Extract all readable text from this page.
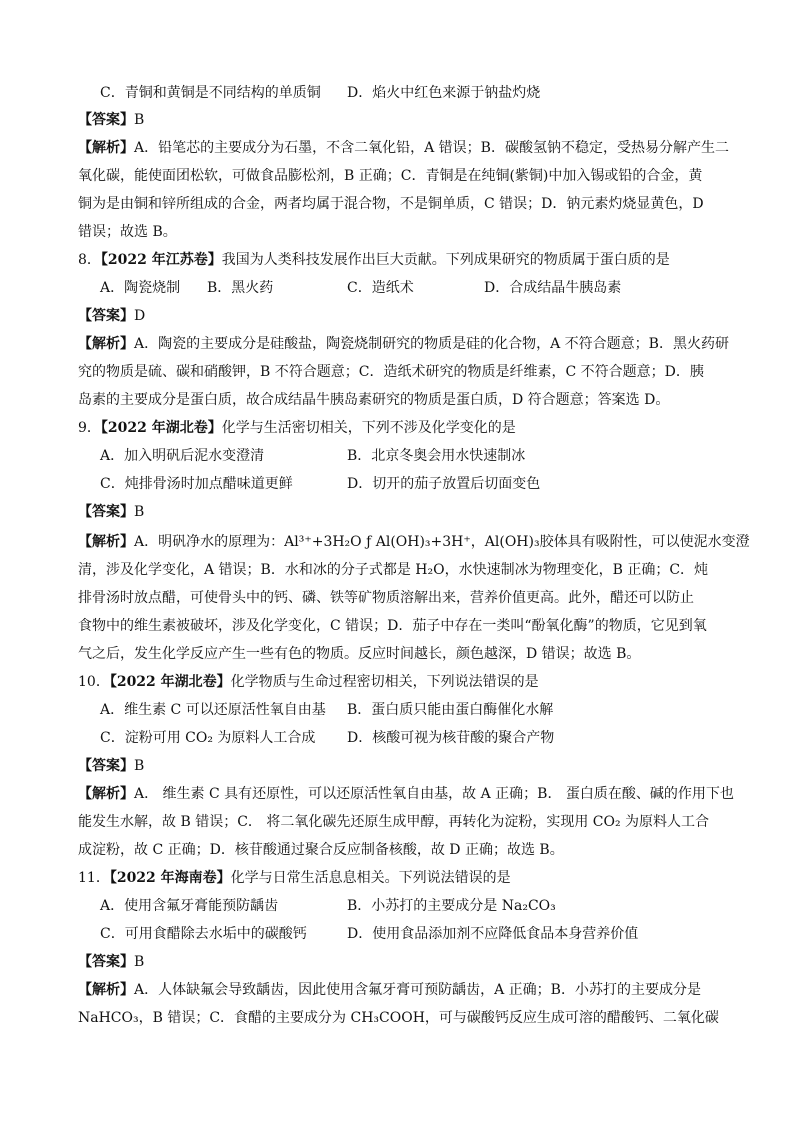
C．青铜和黄铜是不同结构的单质铜 D．焰火中红色来源于钠盐灼烧
【答案】B
【解析】A．铅笔芯的主要成分为石墨，不含二氧化铅，A 错误；B．碳酸氢钠不稳定，受热易分解产生二
氧化碳，能使面团松软，可做食品膨松剂，B 正确；C．青铜是在纯铜(紫铜)中加入锡或铅的合金，黄
铜为是由铜和锌所组成的合金，两者均属于混合物，不是铜单质，C 错误；D．钠元素灼烧显黄色，D
错误；故选 B。
8．【2022 年江苏卷】我国为人类科技发展作出巨大贡献。下列成果研究的物质属于蛋白质的是
A．陶瓷烧制 B．黑火药	C．造纸术	D．合成结晶牛胰岛素
【答案】D
【解析】A．陶瓷的主要成分是硅酸盐，陶瓷烧制研究的物质是硅的化合物，A 不符合题意；B．黑火药研
究的物质是硫、碳和硝酸钾，B 不符合题意；C．造纸术研究的物质是纤维素，C 不符合题意；D．胰
岛素的主要成分是蛋白质，故合成结晶牛胰岛素研究的物质是蛋白质，D 符合题意；答案选 D。
9．【2022 年湖北卷】化学与生活密切相关，下列不涉及化学变化的是
A．加入明矾后泥水变澄清	B．北京冬奥会用水快速制冰
C．炖排骨汤时加点醋味道更鲜	D．切开的茄子放置后切面变色
【答案】B
【解析】A．明矾净水的原理为：Al³⁺+3H₂O ƒ Al(OH)₃+3H⁺，Al(OH)₃胶体具有吸附性，可以使泥水变澄
清，涉及化学变化，A 错误；B．水和冰的分子式都是 H₂O，水快速制冰为物理变化，B 正确；C．炖
排骨汤时放点醋，可使骨头中的钙、磷、铁等矿物质溶解出来，营养价值更高。此外，醋还可以防止
食物中的维生素被破坏，涉及化学变化，C 错误；D．茄子中存在一类叫“酚氧化酶”的物质，它见到氧
气之后，发生化学反应产生一些有色的物质。反应时间越长，颜色越深，D 错误；故选 B。
10．【2022 年湖北卷】化学物质与生命过程密切相关，下列说法错误的是
A．维生素 C 可以还原活性氧自由基 B．蛋白质只能由蛋白酶催化水解
C．淀粉可用 CO₂ 为原料人工合成 D．核酸可视为核苷酸的聚合产物
【答案】B
【解析】A． 维生素 C 具有还原性，可以还原活性氧自由基，故 A 正确；B． 蛋白质在酸、碱的作用下也
能发生水解，故 B 错误；C． 将二氧化碳先还原生成甲醇，再转化为淀粉，实现用 CO₂ 为原料人工合
成淀粉，故 C 正确；D．核苷酸通过聚合反应制备核酸，故 D 正确；故选 B。
11．【2022 年海南卷】化学与日常生活息息相关。下列说法错误的是
A．使用含氟牙膏能预防龋齿	B．小苏打的主要成分是 Na₂CO₃
C．可用食醋除去水垢中的碳酸钙	D．使用食品添加剂不应降低食品本身营养价值
【答案】B
【解析】A．人体缺氟会导致龋齿，因此使用含氟牙膏可预防龋齿，A 正确；B．小苏打的主要成分是
NaHCO₃，B 错误；C．食醋的主要成分为 CH₃COOH，可与碳酸钙反应生成可溶的醋酸钙、二氧化碳
